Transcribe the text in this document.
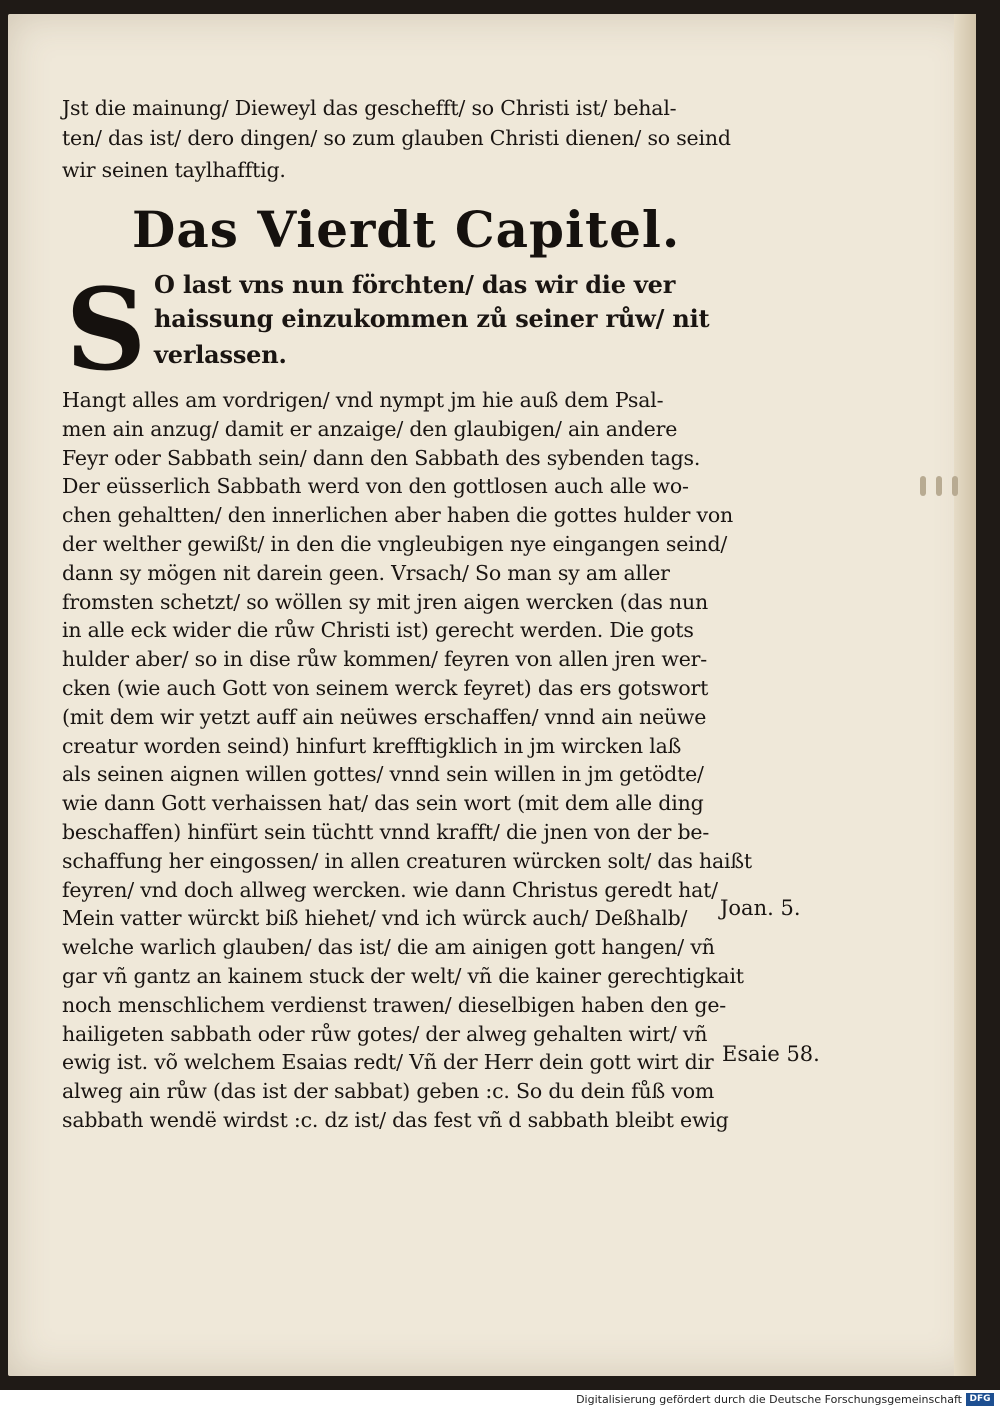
Jst die mainung/ Dieweyl das geschefft/ so Christi ist/ behal-
ten/ das ist/ dero dingen/ so zum glauben Christi dienen/ so seind
wir seinen taylhafftig.
Das Vierdt Capitel.
S O last vns nun förchten/ das wir die ver
haissung einzukommen zů seiner růw/ nit
verlassen.
Hangt alles am vordrigen/ vnd nympt jm hie auß dem Psal-
men ain anzug/ damit er anzaige/ den glaubigen/ ain andere
Feyr oder Sabbath sein/ dann den Sabbath des sybenden tags.
Der eüsserlich Sabbath werd von den gottlosen auch alle wo-
chen gehaltten/ den innerlichen aber haben die gottes hulder von
der welther gewißt/ in den die vngleubigen nye eingangen seind/
dann sy mögen nit darein geen. Vrsach/ So man sy am aller
fromsten schetzt/ so wöllen sy mit jren aigen wercken (das nun
in alle eck wider die růw Christi ist) gerecht werden. Die gots
hulder aber/ so in dise růw kommen/ feyren von allen jren wer-
cken (wie auch Gott von seinem werck feyret) das ers gotswort
(mit dem wir yetzt auff ain neüwes erschaffen/ vnnd ain neüwe
creatur worden seind) hinfurt krefftigklich in jm wircken laß
als seinen aignen willen gottes/ vnnd sein willen in jm getödte/
wie dann Gott verhaissen hat/ das sein wort (mit dem alle ding
beschaffen) hinfürt sein tüchtt vnnd krafft/ die jnen von der be-
schaffung her eingossen/ in allen creaturen würcken solt/ das haißt
feyren/ vnd doch allweg wercken. wie dann Christus geredt hat/
Mein vatter würckt biß hiehet/ vnd ich würck auch/ Deßhalb/
welche warlich glauben/ das ist/ die am ainigen gott hangen/ vñ
gar vñ gantz an kainem stuck der welt/ vñ die kainer gerechtigkait
noch menschlichem verdienst trawen/ dieselbigen haben den ge-
hailigeten sabbath oder růw gotes/ der alweg gehalten wirt/ vñ
ewig ist. võ welchem Esaias redt/ Vñ der Herr dein gott wirt dir
alweg ain růw (das ist der sabbat) geben :c. So du dein fůß vom
sabbath wendë wirdst :c. dz ist/ das fest vñ d sabbath bleibt ewig
Joan. 5.
Esaie 58.
Digitalisierung gefördert durch die Deutsche Forschungsgemeinschaft DFG
